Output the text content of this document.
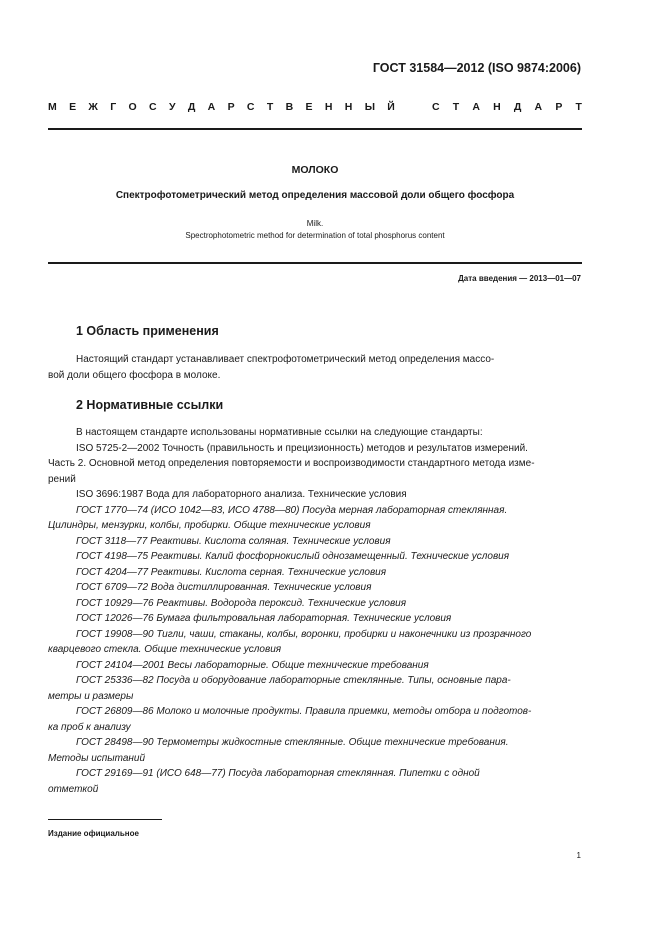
ГОСТ 31584—2012 (ISO 9874:2006)
М Е Ж Г О С У Д А Р С Т В Е Н Н Ы Й	С Т А Н Д А Р Т
МОЛОКО
Спектрофотометрический метод определения массовой доли общего фосфора
Milk.
Spectrophotometric method for determination of total phosphorus content
Дата введения — 2013—01—07
1 Область применения
Настоящий стандарт устанавливает спектрофотометрический метод определения массо-
вой доли общего фосфора в молоке.
2 Нормативные ссылки
В настоящем стандарте использованы нормативные ссылки на следующие стандарты:
ISO 5725-2—2002 Точность (правильность и прецизионность) методов и результатов измерений.
Часть 2. Основной метод определения повторяемости и воспроизводимости стандартного метода изме-
рений
ISO 3696:1987 Вода для лабораторного анализа. Технические условия
ГОСТ 1770—74 (ИСО 1042—83, ИСО 4788—80) Посуда мерная лабораторная стеклянная.
Цилиндры, мензурки, колбы, пробирки. Общие технические условия
ГОСТ 3118—77 Реактивы. Кислота соляная. Технические условия
ГОСТ 4198—75 Реактивы. Калий фосфорнокислый однозамещенный. Технические условия
ГОСТ 4204—77 Реактивы. Кислота серная. Технические условия
ГОСТ 6709—72 Вода дистиллированная. Технические условия
ГОСТ 10929—76 Реактивы. Водорода пероксид. Технические условия
ГОСТ 12026—76 Бумага фильтровальная лабораторная. Технические условия
ГОСТ 19908—90 Тигли, чаши, стаканы, колбы, воронки, пробирки и наконечники из прозрачного
кварцевого стекла. Общие технические условия
ГОСТ 24104—2001 Весы лабораторные. Общие технические требования
ГОСТ 25336—82 Посуда и оборудование лабораторные стеклянные. Типы, основные пара-
метры и размеры
ГОСТ 26809—86 Молоко и молочные продукты. Правила приемки, методы отбора и подготов-
ка проб к анализу
ГОСТ 28498—90 Термометры жидкостные стеклянные. Общие технические требования.
Методы испытаний
ГОСТ 29169—91 (ИСО 648—77) Посуда лабораторная стеклянная. Пипетки с одной
отметкой
Издание официальное
1
